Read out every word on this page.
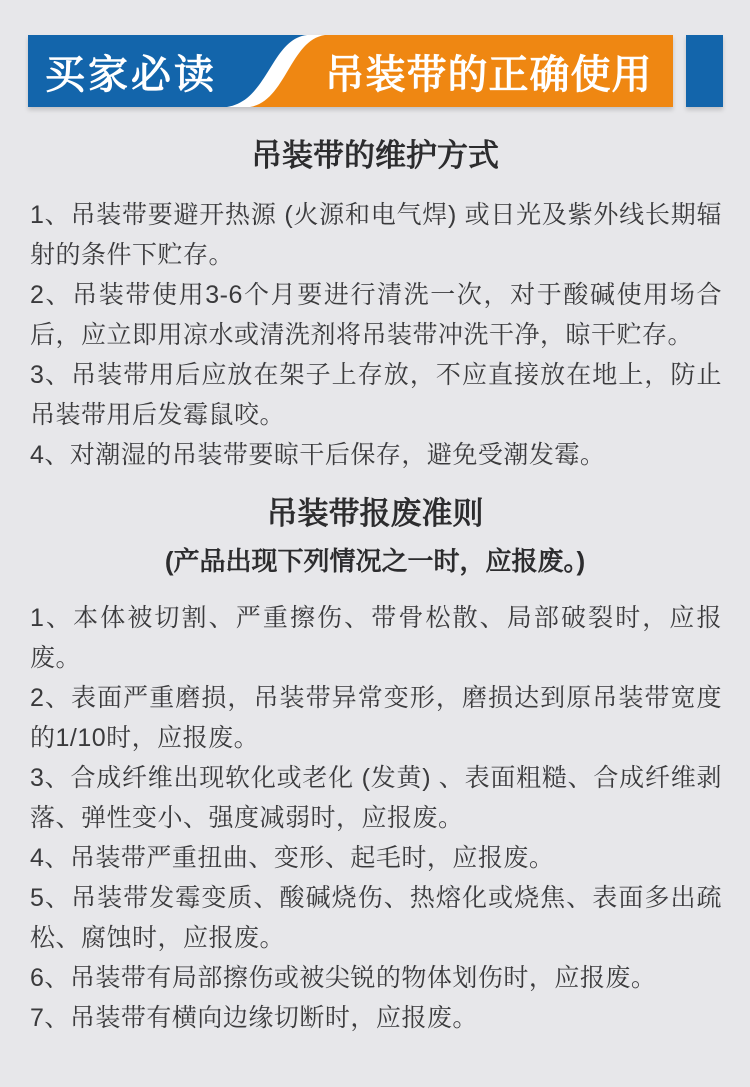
买家必读	吊装带的正确使用
吊装带的维护方式

1、吊装带要避开热源 (火源和电气焊) 或日光及紫外线长期辐射的条件下贮存。

2、吊装带使用3-6个月要进行清洗一次，对于酸碱使用场合后，应立即用凉水或清洗剂将吊装带冲洗干净，晾干贮存。

3、吊装带用后应放在架子上存放，不应直接放在地上，防止吊装带用后发霉鼠咬。

4、对潮湿的吊装带要晾干后保存，避免受潮发霉。

吊装带报废准则
(产品出现下列情况之一时，应报废。)

1、本体被切割、严重擦伤、带骨松散、局部破裂时，应报废。

2、表面严重磨损，吊装带异常变形，磨损达到原吊装带宽度的1/10时，应报废。

3、合成纤维出现软化或老化 (发黄) 、表面粗糙、合成纤维剥落、弹性变小、强度减弱时，应报废。

4、吊装带严重扭曲、变形、起毛时，应报废。

5、吊装带发霉变质、酸碱烧伤、热熔化或烧焦、表面多出疏松、腐蚀时，应报废。

6、吊装带有局部擦伤或被尖锐的物体划伤时，应报废。

7、吊装带有横向边缘切断时，应报废。
